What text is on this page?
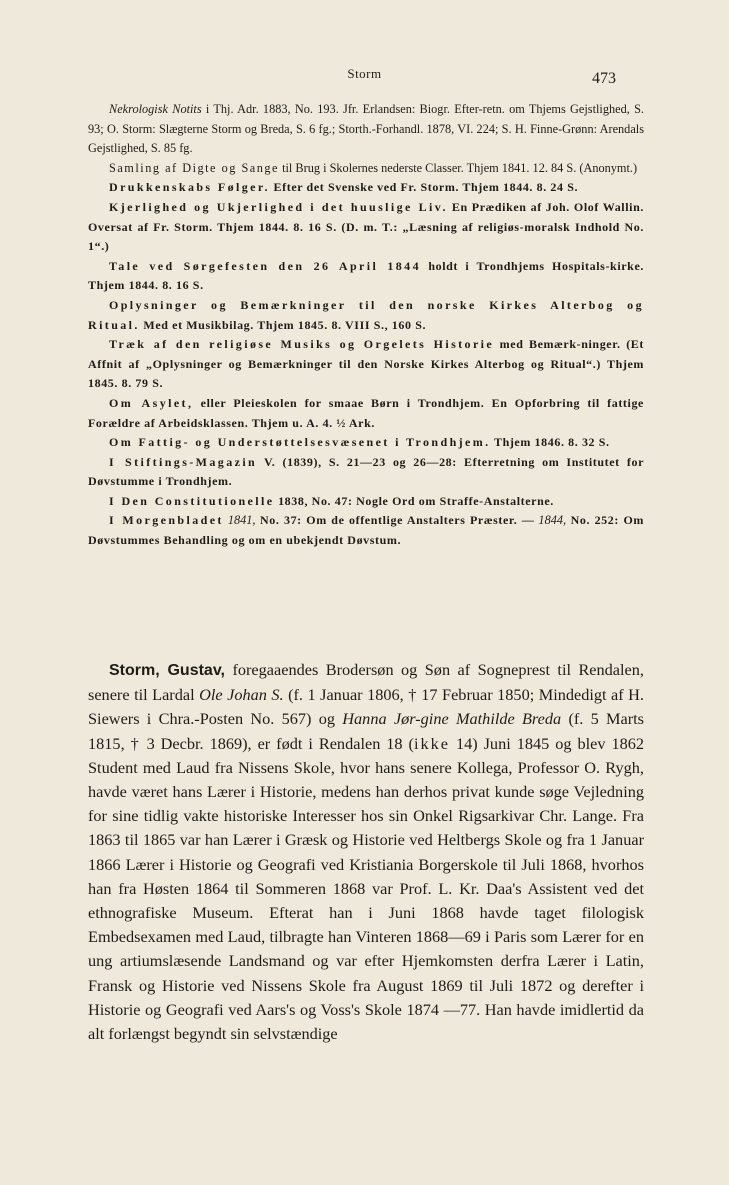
Storm	473

Nekrologisk Notits i Thj. Adr. 1883, No. 193. Jfr. Erlandsen: Biogr. Efter-retn. om Thjems Gejstlighed, S. 93; O. Storm: Slægterne Storm og Breda, S. 6 fg.; Storth.-Forhandl. 1878, VI. 224; S. H. Finne-Grønn: Arendals Gejstlighed, S. 85 fg.

Samling af Digte og Sange til Brug i Skolernes nederste Classer. Thjem 1841. 12. 84 S. (Anonymt.)

Drukkenskabs Følger. Efter det Svenske ved Fr. Storm. Thjem 1844. 8. 24 S.

Kjerlighed og Ukjerlighed i det huuslige Liv. En Prædiken af Joh. Olof Wallin. Oversat af Fr. Storm. Thjem 1844. 8. 16 S. (D. m. T.: „Læsning af religiøs-moralsk Indhold No. 1“.)

Tale ved Sørgefesten den 26 April 1844 holdt i Trondhjems Hospitals-kirke. Thjem 1844. 8. 16 S.

Oplysninger og Bemærkninger til den norske Kirkes Alterbog og Ritual. Med et Musikbilag. Thjem 1845. 8. VIII S., 160 S.

Træk af den religiøse Musiks og Orgelets Historie med Bemærk-ninger. (Et Affnit af „Oplysninger og Bemærkninger til den Norske Kirkes Alterbog og Ritual“.) Thjem 1845. 8. 79 S.

Om Asylet, eller Pleieskolen for smaae Børn i Trondhjem. En Opforbring til fattige Forældre af Arbeidsklassen. Thjem u. A. 4. ½ Ark.

Om Fattig- og Understøttelsesvæsenet i Trondhjem. Thjem 1846. 8. 32 S.

I Stiftings-Magazin V. (1839), S. 21—23 og 26—28: Efterretning om Institutet for Døvstumme i Trondhjem.

I Den Constitutionelle 1838, No. 47: Nogle Ord om Straffe-Anstalterne.

I Morgenbladet 1841, No. 37: Om de offentlige Anstalters Præster. — 1844, No. 252: Om Døvstummes Behandling og om en ubekjendt Døvstum.

Storm, Gustav, foregaaendes Brodersøn og Søn af Sogneprest til Rendalen, senere til Lardal Ole Johan S. (f. 1 Januar 1806, † 17 Februar 1850; Mindedigt af H. Siewers i Chra.-Posten No. 567) og Hanna Jør-gine Mathilde Breda (f. 5 Marts 1815, † 3 Decbr. 1869), er født i Rendalen 18 (ikke 14) Juni 1845 og blev 1862 Student med Laud fra Nissens Skole, hvor hans senere Kollega, Professor O. Rygh, havde været hans Lærer i Historie, medens han derhos privat kunde søge Vejledning for sine tidlig vakte historiske Interesser hos sin Onkel Rigsarkivar Chr. Lange. Fra 1863 til 1865 var han Lærer i Græsk og Historie ved Heltbergs Skole og fra 1 Januar 1866 Lærer i Historie og Geografi ved Kristiania Borgerskole til Juli 1868, hvorhos han fra Høsten 1864 til Sommeren 1868 var Prof. L. Kr. Daa's Assistent ved det ethnografiske Museum. Efterat han i Juni 1868 havde taget filologisk Embedsexamen med Laud, tilbragte han Vinteren 1868—69 i Paris som Lærer for en ung artiumslæsende Landsmand og var efter Hjemkomsten derfra Lærer i Latin, Fransk og Historie ved Nissens Skole fra August 1869 til Juli 1872 og derefter i Historie og Geografi ved Aars's og Voss's Skole 1874 —77. Han havde imidlertid da alt forlængst begyndt sin selvstændige
